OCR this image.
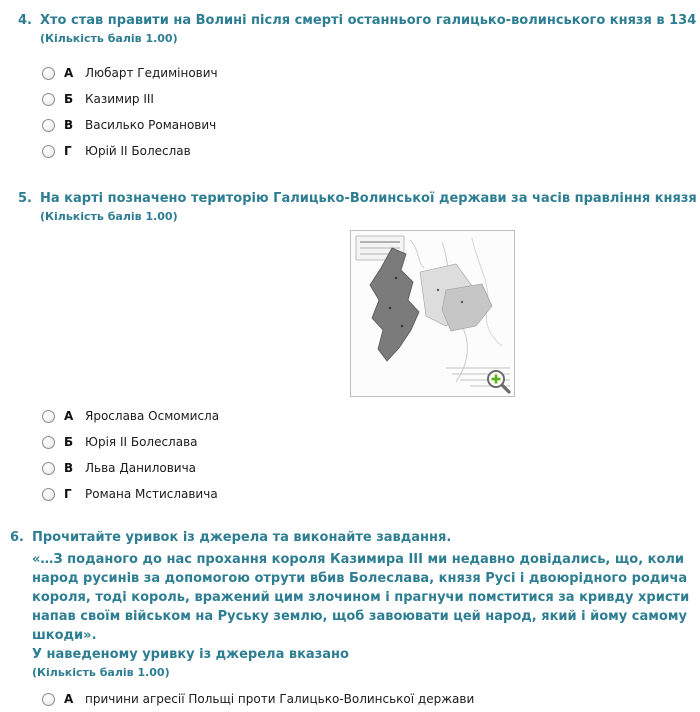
4. Хто став правити на Волині після смерті останнього галицько-волинського князя в 134
(Кількість балів 1.00)
А Любарт Гедимінович
Б Казимир III
В Василько Романович
Г	Юрій II Болеслав
5. На карті позначено територію Галицько-Волинської держави за часів правління князя
(Кількість балів 1.00)
А Ярослава Осмомисла
Б Юрія II Болеслава
В Льва Даниловича
Г	Романа Мстиславича
6. Прочитайте уривок із джерела та виконайте завдання.
«…З поданого до нас прохання короля Казимира III ми недавно довідались, що, коли
народ русинів за допомогою отрути вбив Болеслава, князя Русі і двоюрідного родича
короля, тоді король, вражений цим злочином і прагнучи помститися за кривду христи
напав своїм військом на Руську землю, щоб завоювати цей народ, який і йому самому
шкоди».
У наведеному уривку із джерела вказано
(Кількість балів 1.00)
А причини агресії Польщі проти Галицько-Волинської держави
